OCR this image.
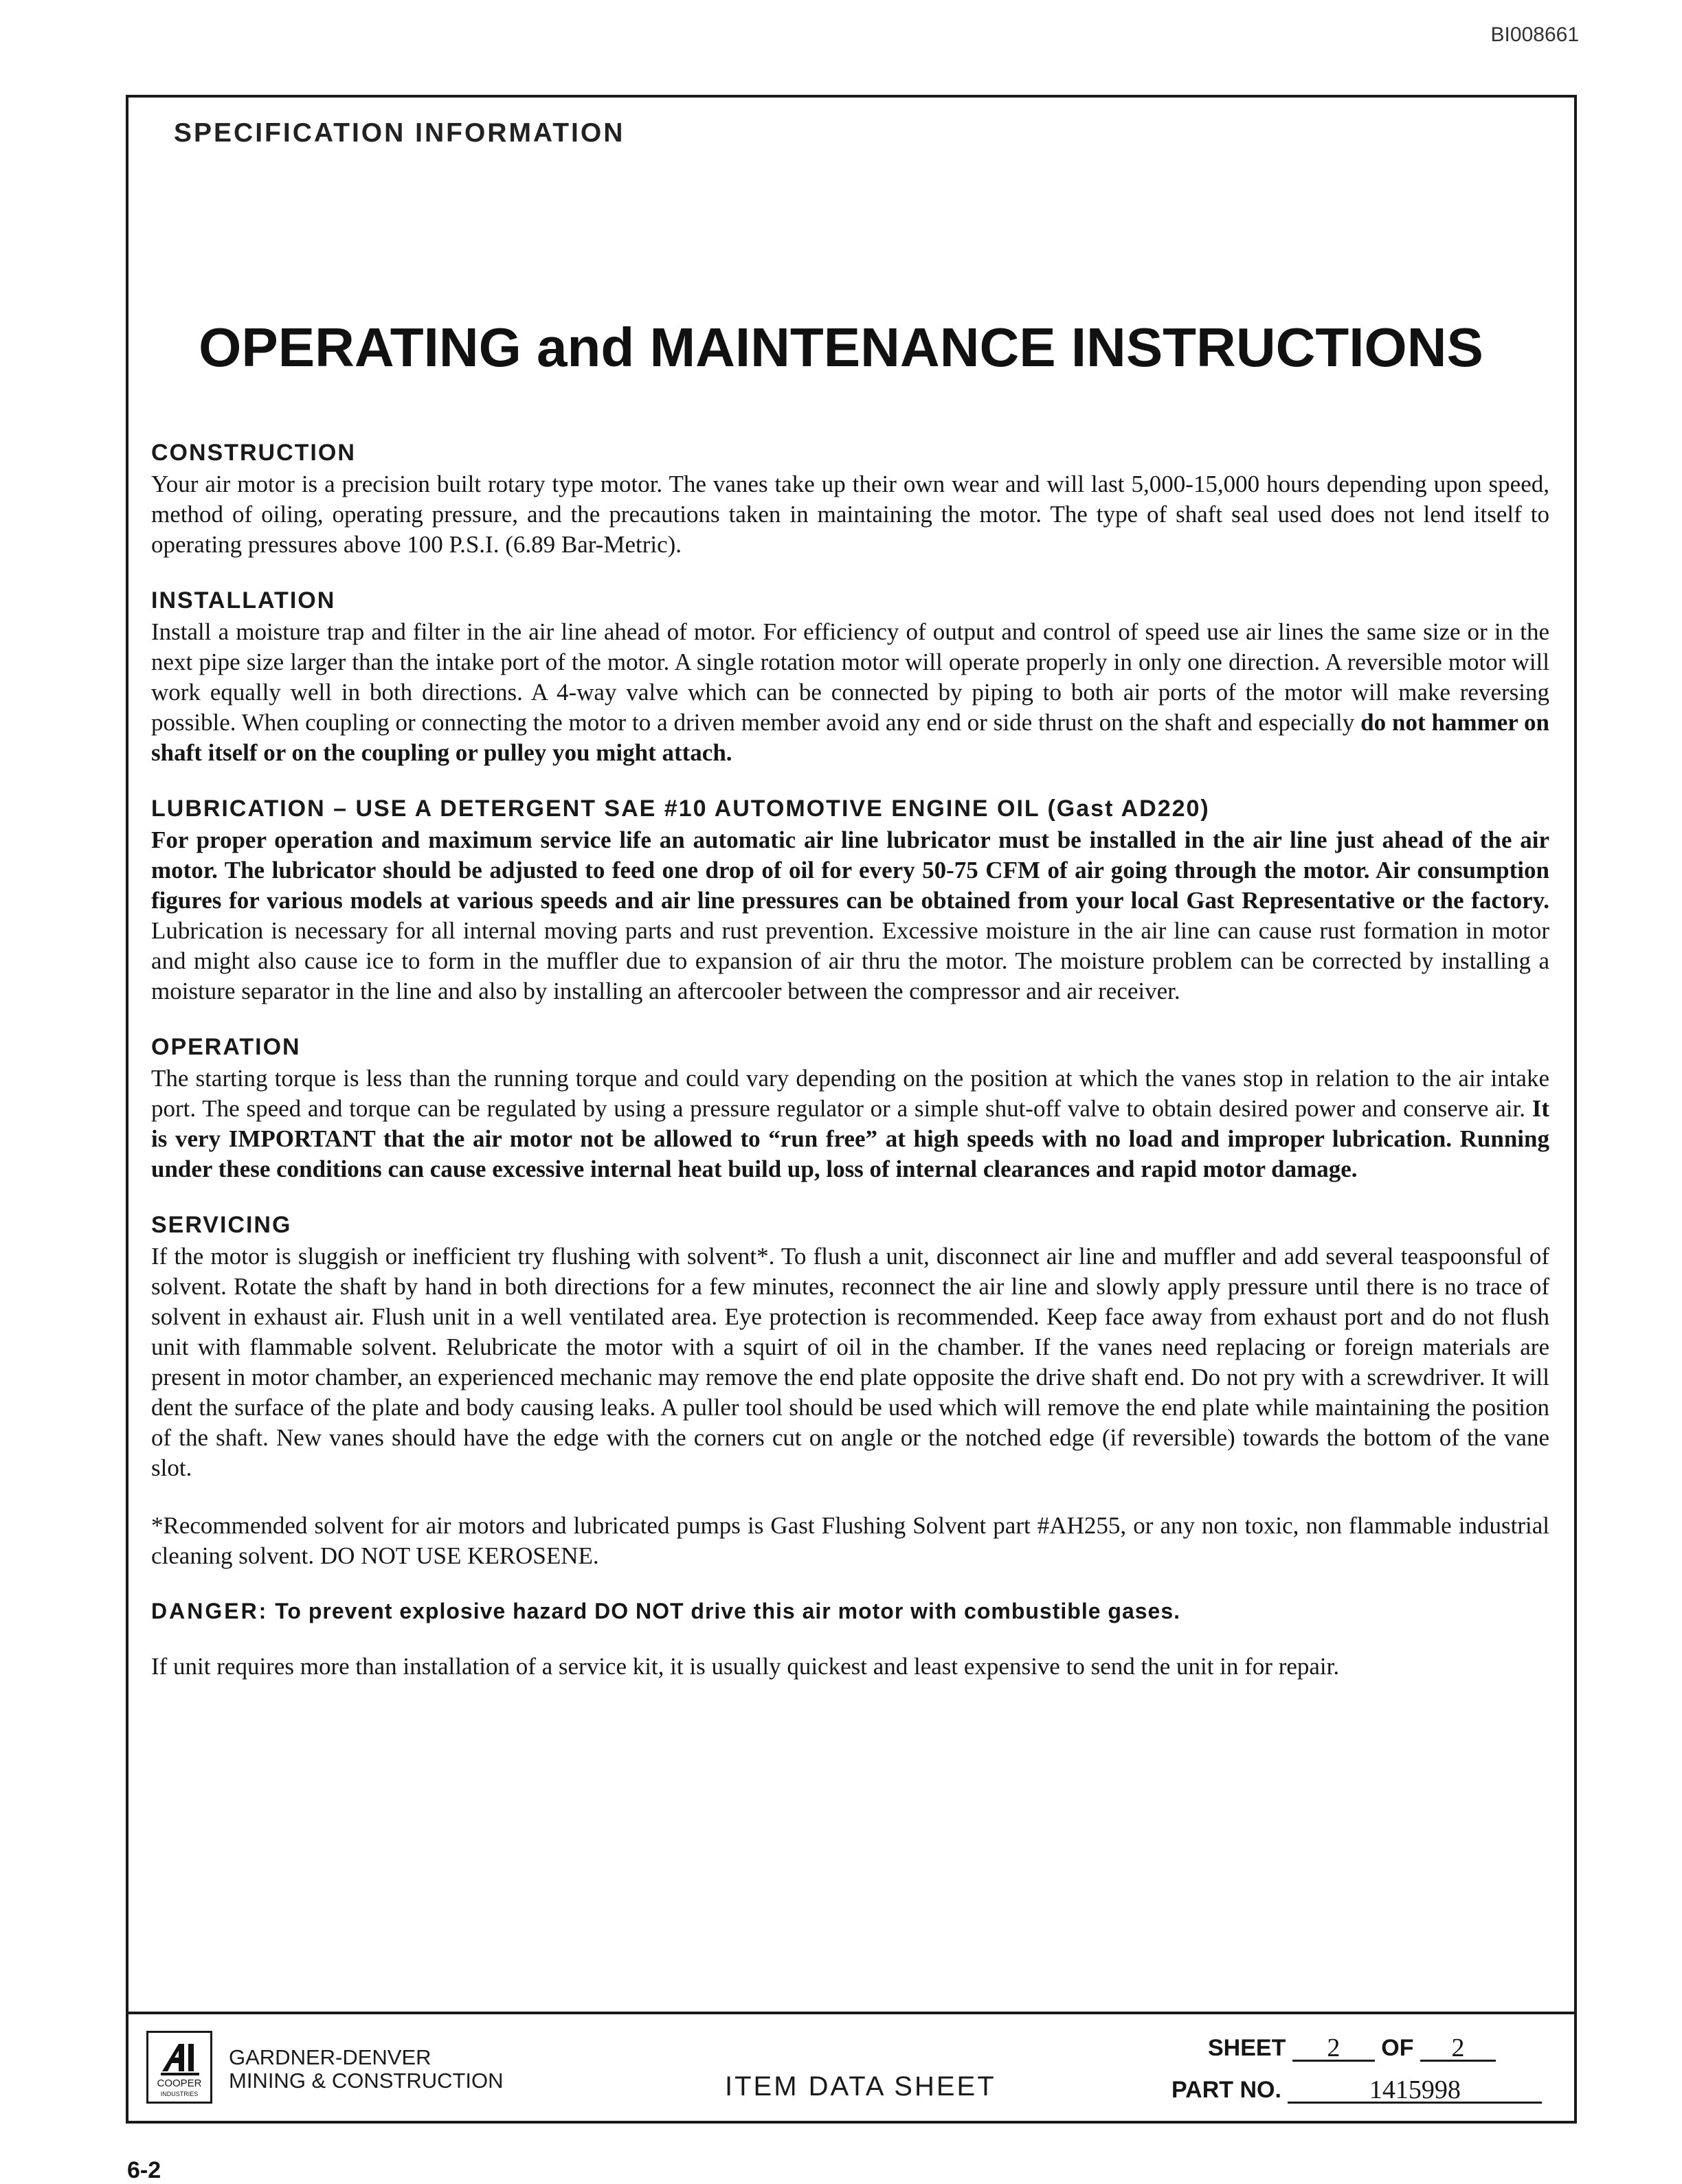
BI008661
SPECIFICATION INFORMATION
OPERATING and MAINTENANCE INSTRUCTIONS
CONSTRUCTION

Your air motor is a precision built rotary type motor. The vanes take up their own wear and will last 5,000-15,000 hours depending upon speed, method of oiling, operating pressure, and the precautions taken in maintaining the motor. The type of shaft seal used does not lend itself to operating pressures above 100 P.S.I. (6.89 Bar-Metric).

INSTALLATION

Install a moisture trap and filter in the air line ahead of motor. For efficiency of output and control of speed use air lines the same size or in the next pipe size larger than the intake port of the motor. A single rotation motor will operate properly in only one direction. A reversible motor will work equally well in both directions. A 4-way valve which can be connected by piping to both air ports of the motor will make reversing possible. When coupling or connecting the motor to a driven member avoid any end or side thrust on the shaft and especially do not hammer on shaft itself or on the coupling or pulley you might attach.

LUBRICATION – USE A DETERGENT SAE #10 AUTOMOTIVE ENGINE OIL (Gast AD220)

For proper operation and maximum service life an automatic air line lubricator must be installed in the air line just ahead of the air motor. The lubricator should be adjusted to feed one drop of oil for every 50-75 CFM of air going through the motor. Air consumption figures for various models at various speeds and air line pressures can be obtained from your local Gast Representative or the factory. Lubrication is necessary for all internal moving parts and rust prevention. Excessive moisture in the air line can cause rust formation in motor and might also cause ice to form in the muffler due to expansion of air thru the motor. The moisture problem can be corrected by installing a moisture separator in the line and also by installing an aftercooler between the compressor and air receiver.

OPERATION

The starting torque is less than the running torque and could vary depending on the position at which the vanes stop in relation to the air intake port. The speed and torque can be regulated by using a pressure regulator or a simple shut-off valve to obtain desired power and conserve air. It is very IMPORTANT that the air motor not be allowed to “run free” at high speeds with no load and improper lubrication. Running under these conditions can cause excessive internal heat build up, loss of internal clearances and rapid motor damage.

SERVICING

If the motor is sluggish or inefficient try flushing with solvent*. To flush a unit, disconnect air line and muffler and add several teaspoonsful of solvent. Rotate the shaft by hand in both directions for a few minutes, reconnect the air line and slowly apply pressure until there is no trace of solvent in exhaust air. Flush unit in a well ventilated area. Eye protection is recommended. Keep face away from exhaust port and do not flush unit with flammable solvent. Relubricate the motor with a squirt of oil in the chamber. If the vanes need replacing or foreign materials are present in motor chamber, an experienced mechanic may remove the end plate opposite the drive shaft end. Do not pry with a screwdriver. It will dent the surface of the plate and body causing leaks. A puller tool should be used which will remove the end plate while maintaining the position of the shaft. New vanes should have the edge with the corners cut on angle or the notched edge (if reversible) towards the bottom of the vane slot.

*Recommended solvent for air motors and lubricated pumps is Gast Flushing Solvent part #AH255, or any non toxic, non flammable industrial cleaning solvent. DO NOT USE KEROSENE.

DANGER: To prevent explosive hazard DO NOT drive this air motor with combustible gases.

If unit requires more than installation of a service kit, it is usually quickest and least expensive to send the unit in for repair.

COOPER
INDUSTRIES
GARDNER-DENVER
MINING & CONSTRUCTION	ITEM DATA SHEET
SHEET 2 OF 2
PART NO.	1415998
6-2
